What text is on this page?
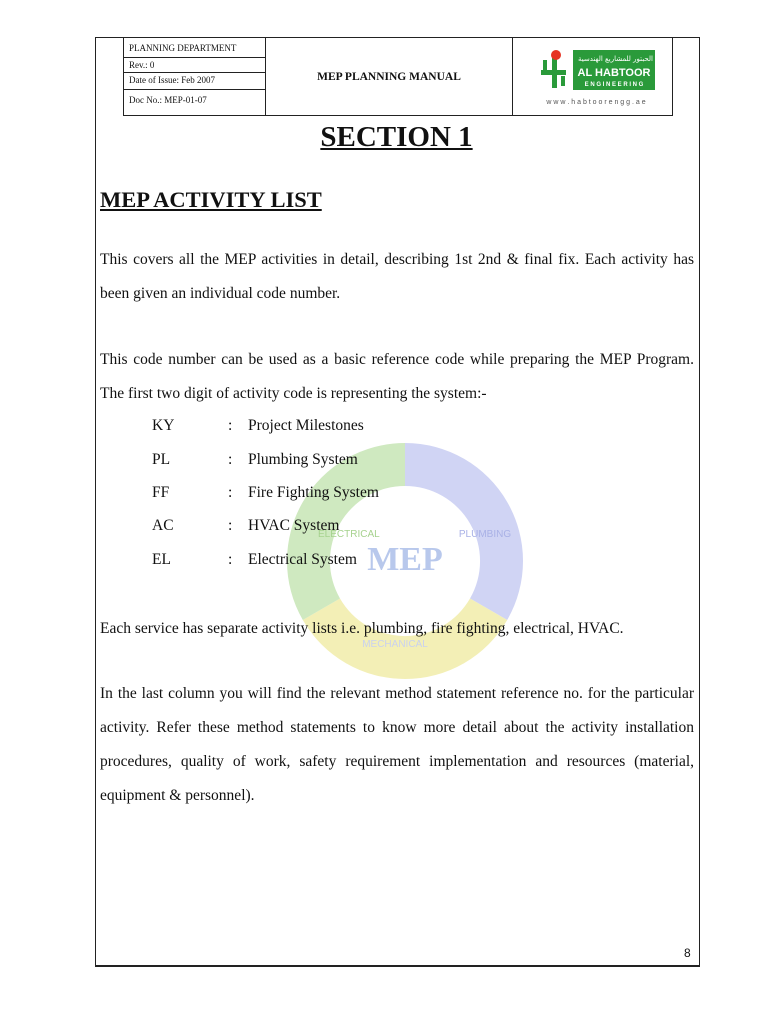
PLANNING DEPARTMENT
Rev.: 0
Date of Issue: Feb 2007
Doc No.: MEP-01-07
MEP PLANNING MANUAL
الحبتور للمشاريع الهندسية
AL HABTOOR
E N G I N E E R I N G
w w w . h a b t o o r e n g g . a e
SECTION 1
MEP ACTIVITY LIST
MEP
PLUMBING
ELECTRICAL
MECHANICAL
This covers all the MEP activities in detail, describing 1st 2nd & final fix. Each activity has been given an individual code number.
This code number can be used as a basic reference code while preparing the MEP Program. The first two digit of activity code is representing the system:-
KY	: Project Milestones
PL	: Plumbing System
FF	: Fire Fighting System
AC	: HVAC System
EL	: Electrical System
Each service has separate activity lists i.e. plumbing, fire fighting, electrical, HVAC.
In the last column you will find the relevant method statement reference no. for the particular activity. Refer these method statements to know more detail about the activity installation procedures, quality of work, safety requirement implementation and resources (material, equipment & personnel).
8
